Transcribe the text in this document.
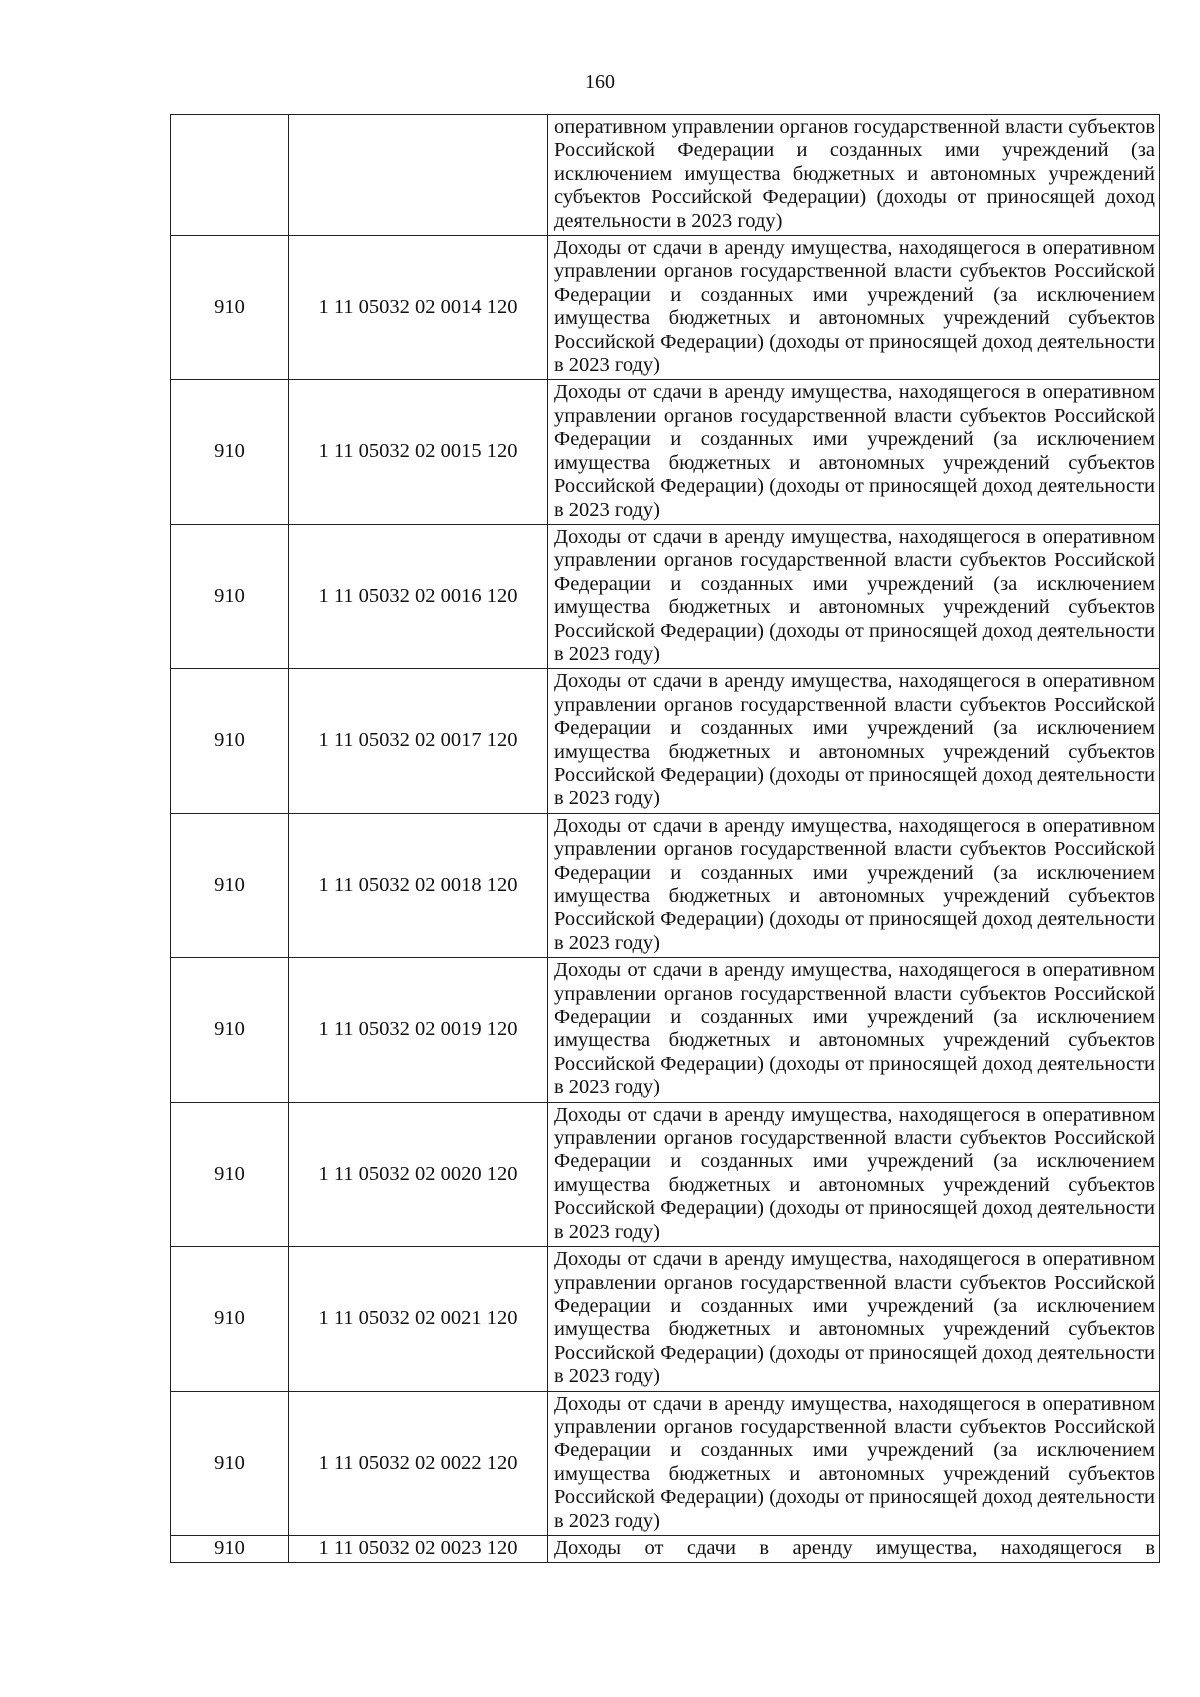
160
		оперативном управлении органов государственной власти субъектов Российской Федерации и созданных ими учреждений (за исключением имущества бюджетных и автономных учреждений субъектов Российской Федерации) (доходы от приносящей доход деятельности в 2023 году)
910	1 11 05032 02 0014 120	Доходы от сдачи в аренду имущества, находящегося в оперативном управлении органов государственной власти субъектов Российской Федерации и созданных ими учреждений (за исключением имущества бюджетных и автономных учреждений субъектов Российской Федерации) (доходы от приносящей доход деятельности в 2023 году)
910	1 11 05032 02 0015 120	Доходы от сдачи в аренду имущества, находящегося в оперативном управлении органов государственной власти субъектов Российской Федерации и созданных ими учреждений (за исключением имущества бюджетных и автономных учреждений субъектов Российской Федерации) (доходы от приносящей доход деятельности в 2023 году)
910	1 11 05032 02 0016 120	Доходы от сдачи в аренду имущества, находящегося в оперативном управлении органов государственной власти субъектов Российской Федерации и созданных ими учреждений (за исключением имущества бюджетных и автономных учреждений субъектов Российской Федерации) (доходы от приносящей доход деятельности в 2023 году)
910	1 11 05032 02 0017 120	Доходы от сдачи в аренду имущества, находящегося в оперативном управлении органов государственной власти субъектов Российской Федерации и созданных ими учреждений (за исключением имущества бюджетных и автономных учреждений субъектов Российской Федерации) (доходы от приносящей доход деятельности в 2023 году)
910	1 11 05032 02 0018 120	Доходы от сдачи в аренду имущества, находящегося в оперативном управлении органов государственной власти субъектов Российской Федерации и созданных ими учреждений (за исключением имущества бюджетных и автономных учреждений субъектов Российской Федерации) (доходы от приносящей доход деятельности в 2023 году)
910	1 11 05032 02 0019 120	Доходы от сдачи в аренду имущества, находящегося в оперативном управлении органов государственной власти субъектов Российской Федерации и созданных ими учреждений (за исключением имущества бюджетных и автономных учреждений субъектов Российской Федерации) (доходы от приносящей доход деятельности в 2023 году)
910	1 11 05032 02 0020 120	Доходы от сдачи в аренду имущества, находящегося в оперативном управлении органов государственной власти субъектов Российской Федерации и созданных ими учреждений (за исключением имущества бюджетных и автономных учреждений субъектов Российской Федерации) (доходы от приносящей доход деятельности в 2023 году)
910	1 11 05032 02 0021 120	Доходы от сдачи в аренду имущества, находящегося в оперативном управлении органов государственной власти субъектов Российской Федерации и созданных ими учреждений (за исключением имущества бюджетных и автономных учреждений субъектов Российской Федерации) (доходы от приносящей доход деятельности в 2023 году)
910	1 11 05032 02 0022 120	Доходы от сдачи в аренду имущества, находящегося в оперативном управлении органов государственной власти субъектов Российской Федерации и созданных ими учреждений (за исключением имущества бюджетных и автономных учреждений субъектов Российской Федерации) (доходы от приносящей доход деятельности в 2023 году)
910	1 11 05032 02 0023 120	Доходы от сдачи в аренду имущества, находящегося в
